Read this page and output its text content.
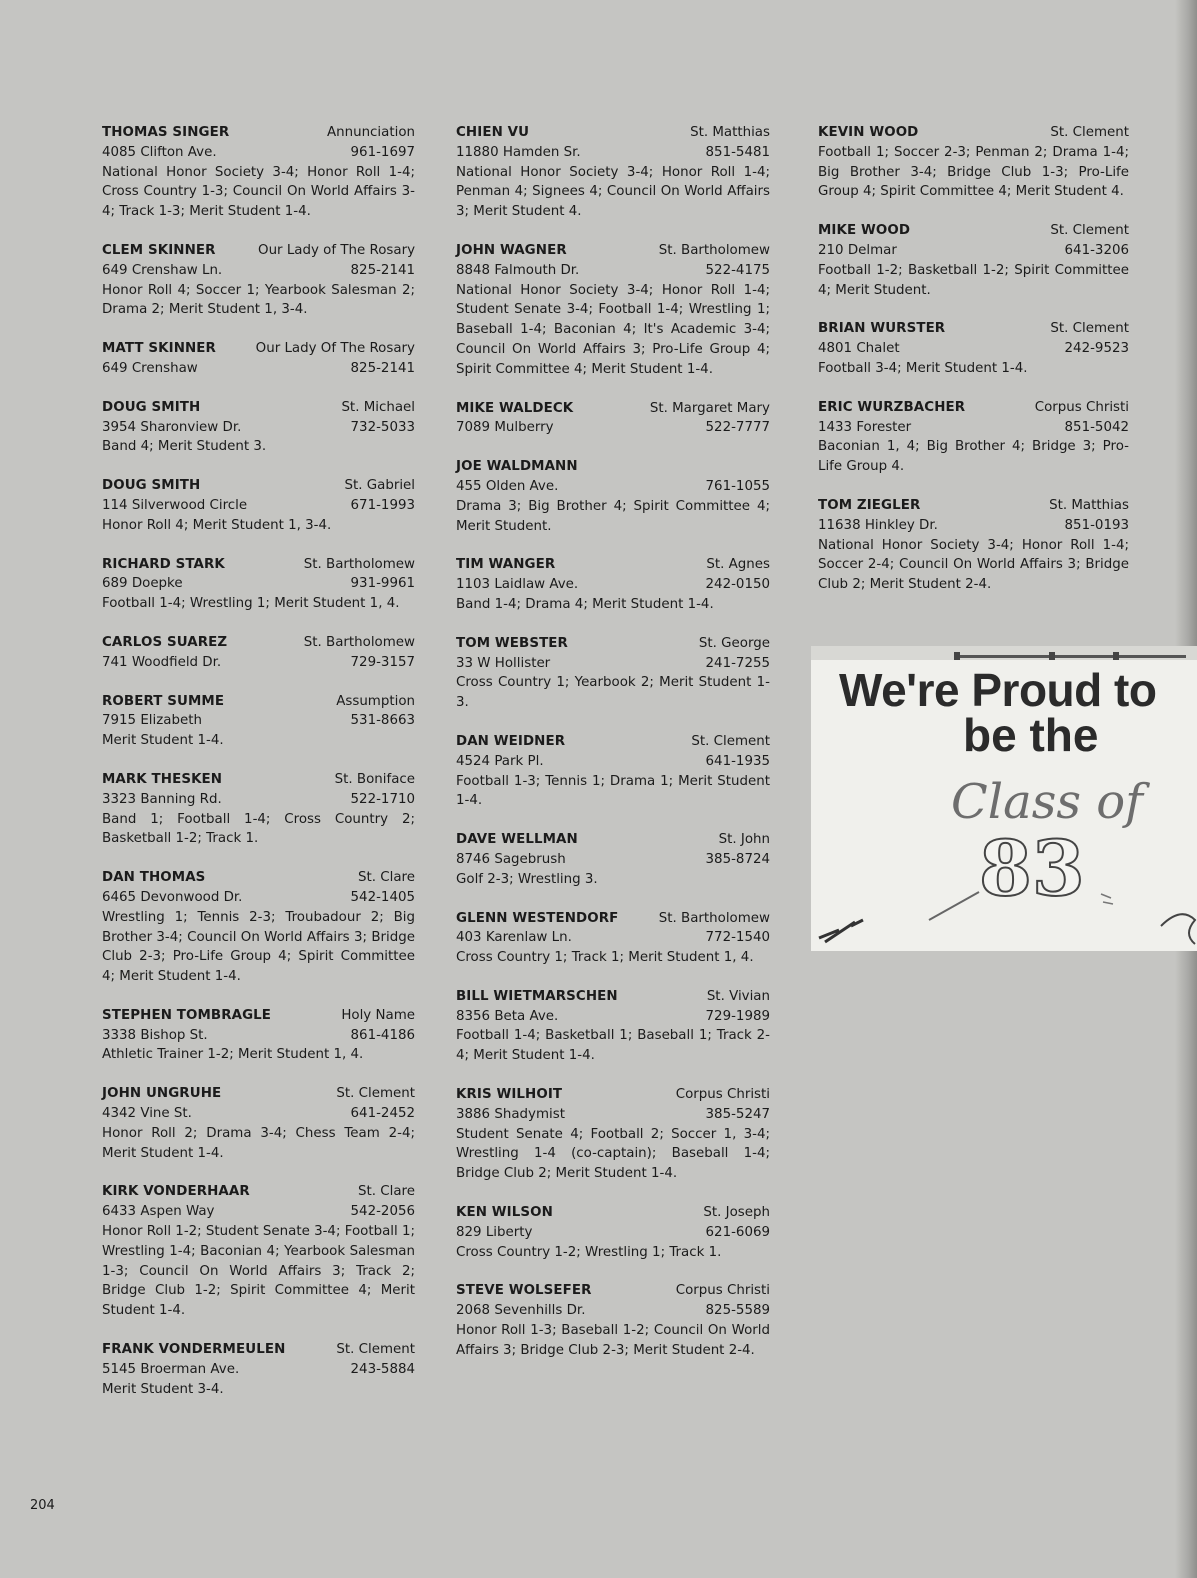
THOMAS SINGER	Annunciation
4085 Clifton Ave.	961-1697
National Honor Society 3-4; Honor Roll 1-4; Cross Country 1-3; Council On World Affairs 3-4; Track 1-3; Merit Student 1-4.
CLEM SKINNER	Our Lady of The Rosary
649 Crenshaw Ln.	825-2141
Honor Roll 4; Soccer 1; Yearbook Salesman 2; Drama 2; Merit Student 1, 3-4.
MATT SKINNER	Our Lady Of The Rosary
649 Crenshaw	825-2141
DOUG SMITH	St. Michael
3954 Sharonview Dr.	732-5033
Band 4; Merit Student 3.
DOUG SMITH	St. Gabriel
114 Silverwood Circle	671-1993
Honor Roll 4; Merit Student 1, 3-4.
RICHARD STARK	St. Bartholomew
689 Doepke	931-9961
Football 1-4; Wrestling 1; Merit Student 1, 4.
CARLOS SUAREZ	St. Bartholomew
741 Woodfield Dr.	729-3157
ROBERT SUMME	Assumption
7915 Elizabeth	531-8663
Merit Student 1-4.
MARK THESKEN	St. Boniface
3323 Banning Rd.	522-1710
Band 1; Football 1-4; Cross Country 2; Basketball 1-2; Track 1.
DAN THOMAS	St. Clare
6465 Devonwood Dr.	542-1405
Wrestling 1; Tennis 2-3; Troubadour 2; Big Brother 3-4; Council On World Affairs 3; Bridge Club 2-3; Pro-Life Group 4; Spirit Committee 4; Merit Student 1-4.
STEPHEN TOMBRAGLE	Holy Name
3338 Bishop St.	861-4186
Athletic Trainer 1-2; Merit Student 1, 4.
JOHN UNGRUHE	St. Clement
4342 Vine St.	641-2452
Honor Roll 2; Drama 3-4; Chess Team 2-4; Merit Student 1-4.
KIRK VONDERHAAR	St. Clare
6433 Aspen Way	542-2056
Honor Roll 1-2; Student Senate 3-4; Football 1; Wrestling 1-4; Baconian 4; Yearbook Salesman 1-3; Council On World Affairs 3; Track 2; Bridge Club 1-2; Spirit Committee 4; Merit Student 1-4.
FRANK VONDERMEULEN	St. Clement
5145 Broerman Ave.	243-5884
Merit Student 3-4.
CHIEN VU	St. Matthias
11880 Hamden Sr.	851-5481
National Honor Society 3-4; Honor Roll 1-4; Penman 4; Signees 4; Council On World Affairs 3; Merit Student 4.
JOHN WAGNER	St. Bartholomew
8848 Falmouth Dr.	522-4175
National Honor Society 3-4; Honor Roll 1-4; Student Senate 3-4; Football 1-4; Wrestling 1; Baseball 1-4; Baconian 4; It's Academic 3-4; Council On World Affairs 3; Pro-Life Group 4; Spirit Committee 4; Merit Student 1-4.
MIKE WALDECK	St. Margaret Mary
7089 Mulberry	522-7777
JOE WALDMANN
455 Olden Ave.	761-1055
Drama 3; Big Brother 4; Spirit Committee 4; Merit Student.
TIM WANGER	St. Agnes
1103 Laidlaw Ave.	242-0150
Band 1-4; Drama 4; Merit Student 1-4.
TOM WEBSTER	St. George
33 W Hollister	241-7255
Cross Country 1; Yearbook 2; Merit Student 1-3.
DAN WEIDNER	St. Clement
4524 Park Pl.	641-1935
Football 1-3; Tennis 1; Drama 1; Merit Student 1-4.
DAVE WELLMAN	St. John
8746 Sagebrush	385-8724
Golf 2-3; Wrestling 3.
GLENN WESTENDORF	St. Bartholomew
403 Karenlaw Ln.	772-1540
Cross Country 1; Track 1; Merit Student 1, 4.
BILL WIETMARSCHEN	St. Vivian
8356 Beta Ave.	729-1989
Football 1-4; Basketball 1; Baseball 1; Track 2-4; Merit Student 1-4.
KRIS WILHOIT	Corpus Christi
3886 Shadymist	385-5247
Student Senate 4; Football 2; Soccer 1, 3-4; Wrestling 1-4 (co-captain); Baseball 1-4; Bridge Club 2; Merit Student 1-4.
KEN WILSON	St. Joseph
829 Liberty	621-6069
Cross Country 1-2; Wrestling 1; Track 1.
STEVE WOLSEFER	Corpus Christi
2068 Sevenhills Dr.	825-5589
Honor Roll 1-3; Baseball 1-2; Council On World Affairs 3; Bridge Club 2-3; Merit Student 2-4.
KEVIN WOOD	St. Clement
Football 1; Soccer 2-3; Penman 2; Drama 1-4; Big Brother 3-4; Bridge Club 1-3; Pro-Life Group 4; Spirit Committee 4; Merit Student 4.
MIKE WOOD	St. Clement
210 Delmar	641-3206
Football 1-2; Basketball 1-2; Spirit Committee 4; Merit Student.
BRIAN WURSTER	St. Clement
4801 Chalet	242-9523
Football 3-4; Merit Student 1-4.
ERIC WURZBACHER	Corpus Christi
1433 Forester	851-5042
Baconian 1, 4; Big Brother 4; Bridge 3; Pro-Life Group 4.
TOM ZIEGLER	St. Matthias
11638 Hinkley Dr.	851-0193
National Honor Society 3-4; Honor Roll 1-4; Soccer 2-4; Council On World Affairs 3; Bridge Club 2; Merit Student 2-4.
We're Proud to
be the
Class of
83
204
